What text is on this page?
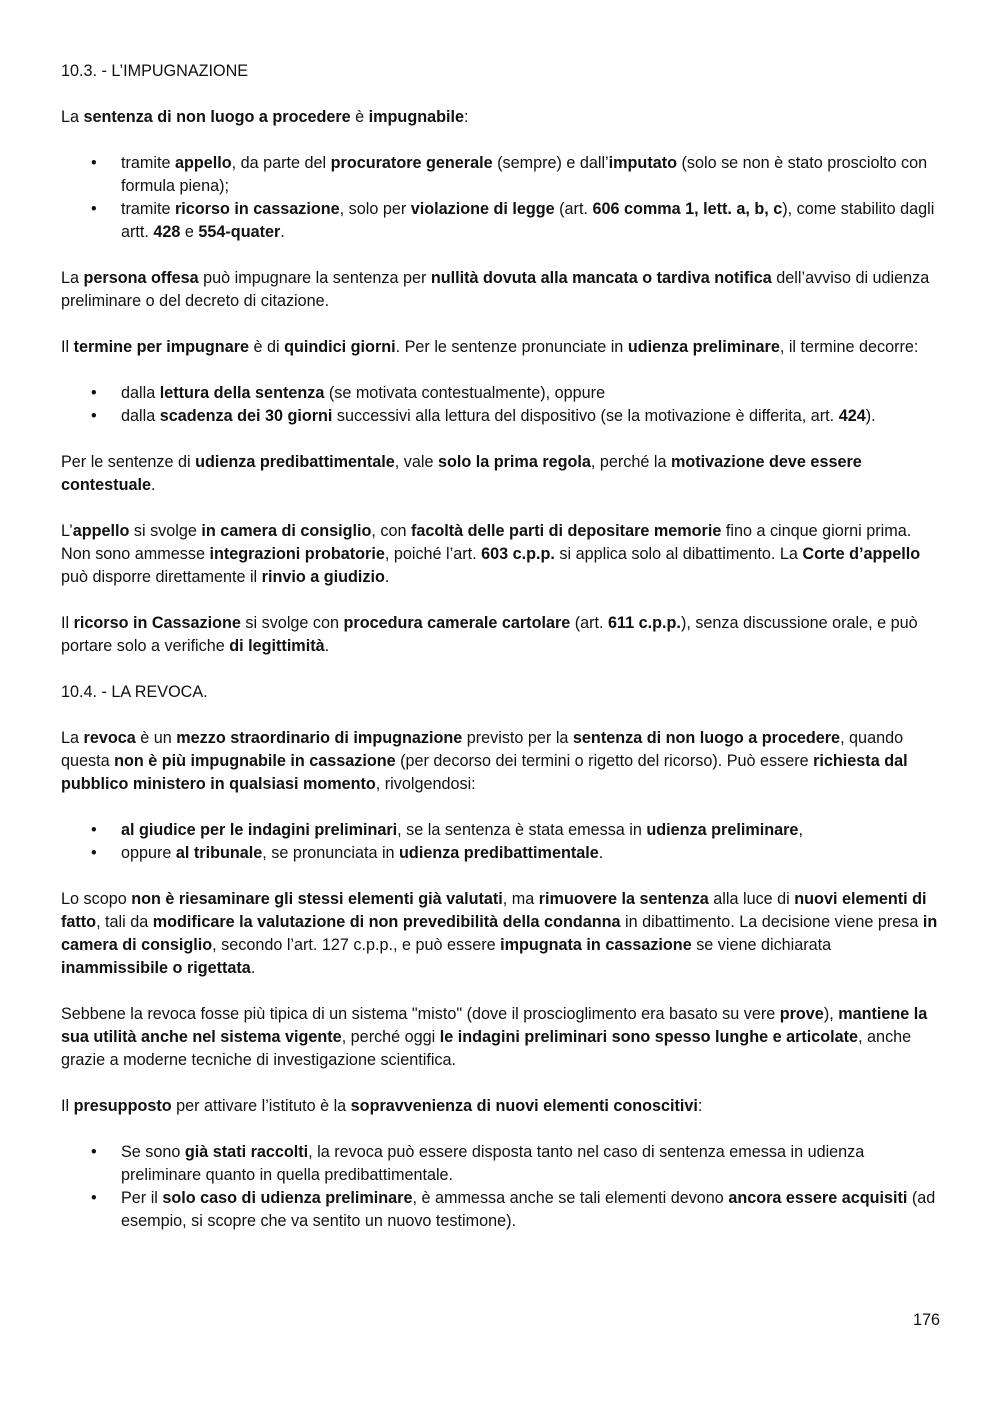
10.3. - L’IMPUGNAZIONE

La sentenza di non luogo a procedere è impugnabile:

• tramite appello, da parte del procuratore generale (sempre) e dall’imputato (solo se non è stato prosciolto con formula piena);
• tramite ricorso in cassazione, solo per violazione di legge (art. 606 comma 1, lett. a, b, c), come stabilito dagli artt. 428 e 554-quater.

La persona offesa può impugnare la sentenza per nullità dovuta alla mancata o tardiva notifica dell’avviso di udienza preliminare o del decreto di citazione.

Il termine per impugnare è di quindici giorni. Per le sentenze pronunciate in udienza preliminare, il termine decorre:

• dalla lettura della sentenza (se motivata contestualmente), oppure
• dalla scadenza dei 30 giorni successivi alla lettura del dispositivo (se la motivazione è differita, art. 424).

Per le sentenze di udienza predibattimentale, vale solo la prima regola, perché la motivazione deve essere contestuale.

L’appello si svolge in camera di consiglio, con facoltà delle parti di depositare memorie fino a cinque giorni prima. Non sono ammesse integrazioni probatorie, poiché l’art. 603 c.p.p. si applica solo al dibattimento. La Corte d’appello può disporre direttamente il rinvio a giudizio.

Il ricorso in Cassazione si svolge con procedura camerale cartolare (art. 611 c.p.p.), senza discussione orale, e può portare solo a verifiche di legittimità.

10.4. - LA REVOCA.

La revoca è un mezzo straordinario di impugnazione previsto per la sentenza di non luogo a procedere, quando questa non è più impugnabile in cassazione (per decorso dei termini o rigetto del ricorso). Può essere richiesta dal pubblico ministero in qualsiasi momento, rivolgendosi:

• al giudice per le indagini preliminari, se la sentenza è stata emessa in udienza preliminare,
• oppure al tribunale, se pronunciata in udienza predibattimentale.

Lo scopo non è riesaminare gli stessi elementi già valutati, ma rimuovere la sentenza alla luce di nuovi elementi di fatto, tali da modificare la valutazione di non prevedibilità della condanna in dibattimento. La decisione viene presa in camera di consiglio, secondo l’art. 127 c.p.p., e può essere impugnata in cassazione se viene dichiarata inammissibile o rigettata.

Sebbene la revoca fosse più tipica di un sistema "misto" (dove il proscioglimento era basato su vere prove), mantiene la sua utilità anche nel sistema vigente, perché oggi le indagini preliminari sono spesso lunghe e articolate, anche grazie a moderne tecniche di investigazione scientifica.

Il presupposto per attivare l’istituto è la sopravvenienza di nuovi elementi conoscitivi:

• Se sono già stati raccolti, la revoca può essere disposta tanto nel caso di sentenza emessa in udienza preliminare quanto in quella predibattimentale.
• Per il solo caso di udienza preliminare, è ammessa anche se tali elementi devono ancora essere acquisiti (ad esempio, si scopre che va sentito un nuovo testimone).
176
